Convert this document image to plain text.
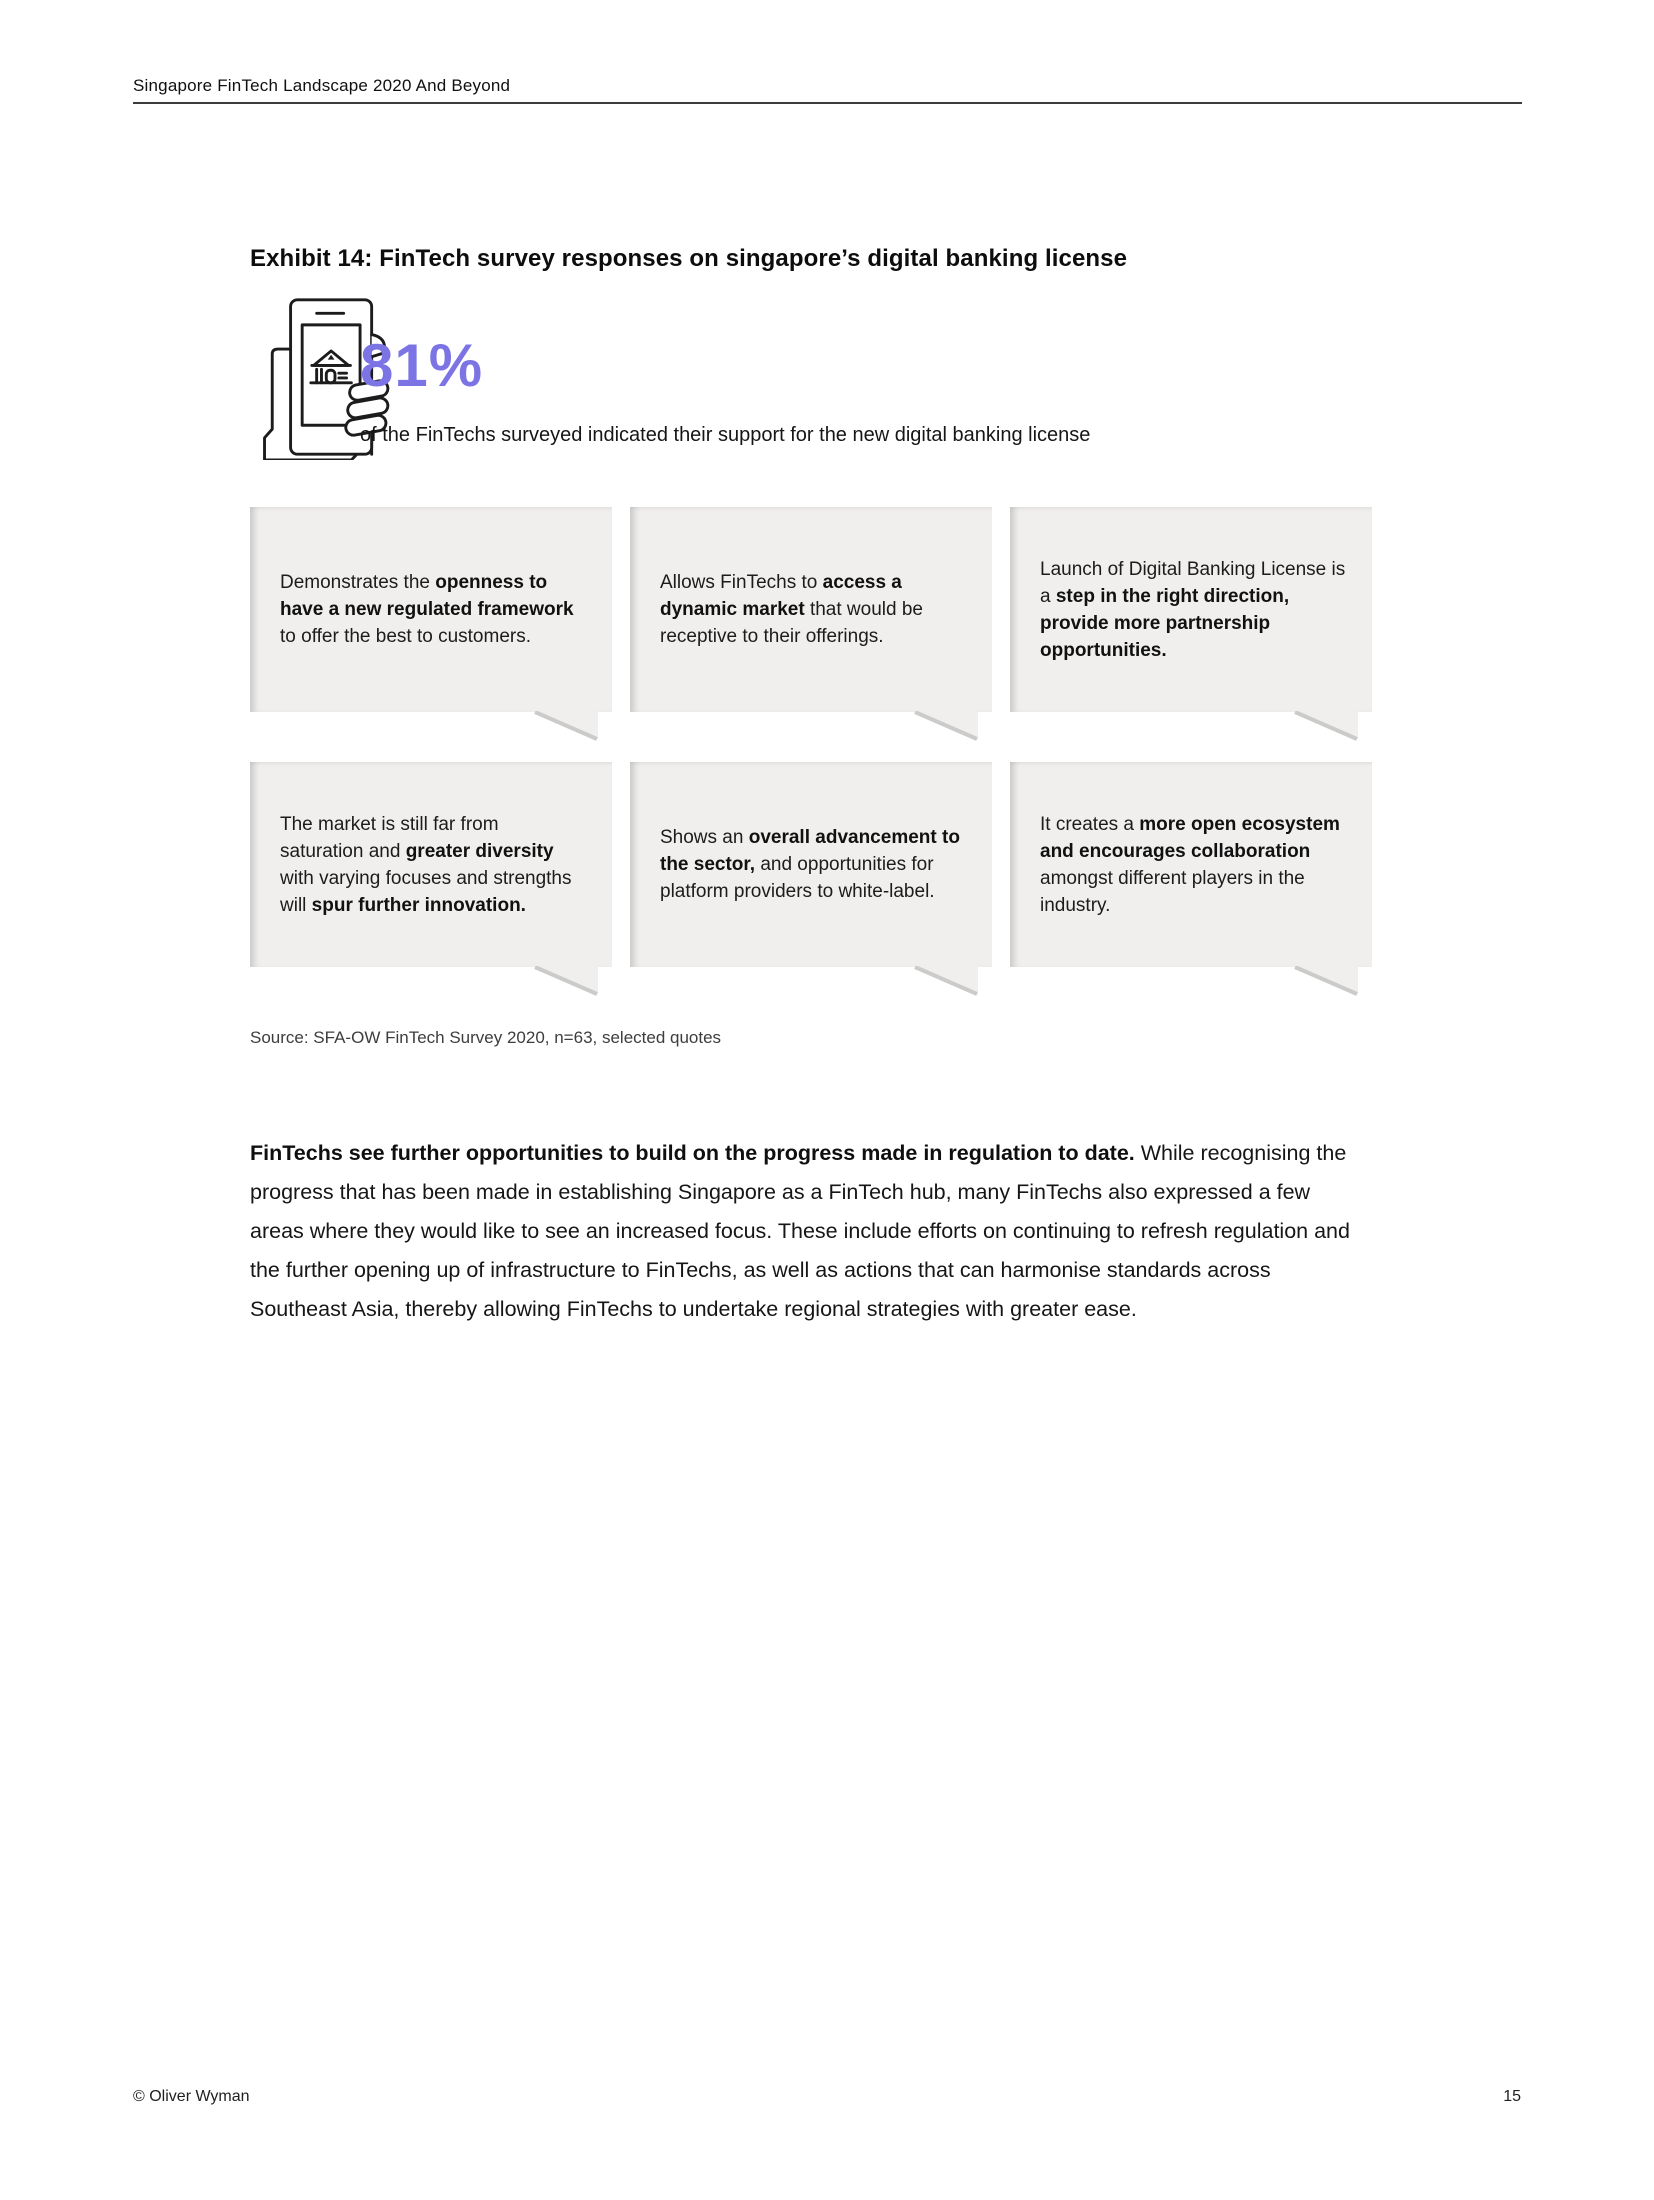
Singapore FinTech Landscape 2020 And Beyond
Exhibit 14: FinTech survey responses on singapore’s digital banking license
81%
of the FinTechs surveyed indicated their support for the new digital banking license
Demonstrates the openness to have a new regulated framework to offer the best to customers.
Allows FinTechs to access a dynamic market that would be receptive to their offerings.
Launch of Digital Banking License is a step in the right direction, provide more partnership opportunities.
The market is still far from saturation and greater diversity with varying focuses and strengths will spur further innovation.
Shows an overall advancement to the sector, and opportunities for platform providers to white-label.
It creates a more open ecosystem and encourages collaboration amongst different players in the industry.
Source: SFA-OW FinTech Survey 2020, n=63, selected quotes
FinTechs see further opportunities to build on the progress made in regulation to date. While recognising the progress that has been made in establishing Singapore as a FinTech hub, many FinTechs also expressed a few areas where they would like to see an increased focus. These include efforts on continuing to refresh regulation and the further opening up of infrastructure to FinTechs, as well as actions that can harmonise standards across Southeast Asia, thereby allowing FinTechs to undertake regional strategies with greater ease.
© Oliver Wyman	15
